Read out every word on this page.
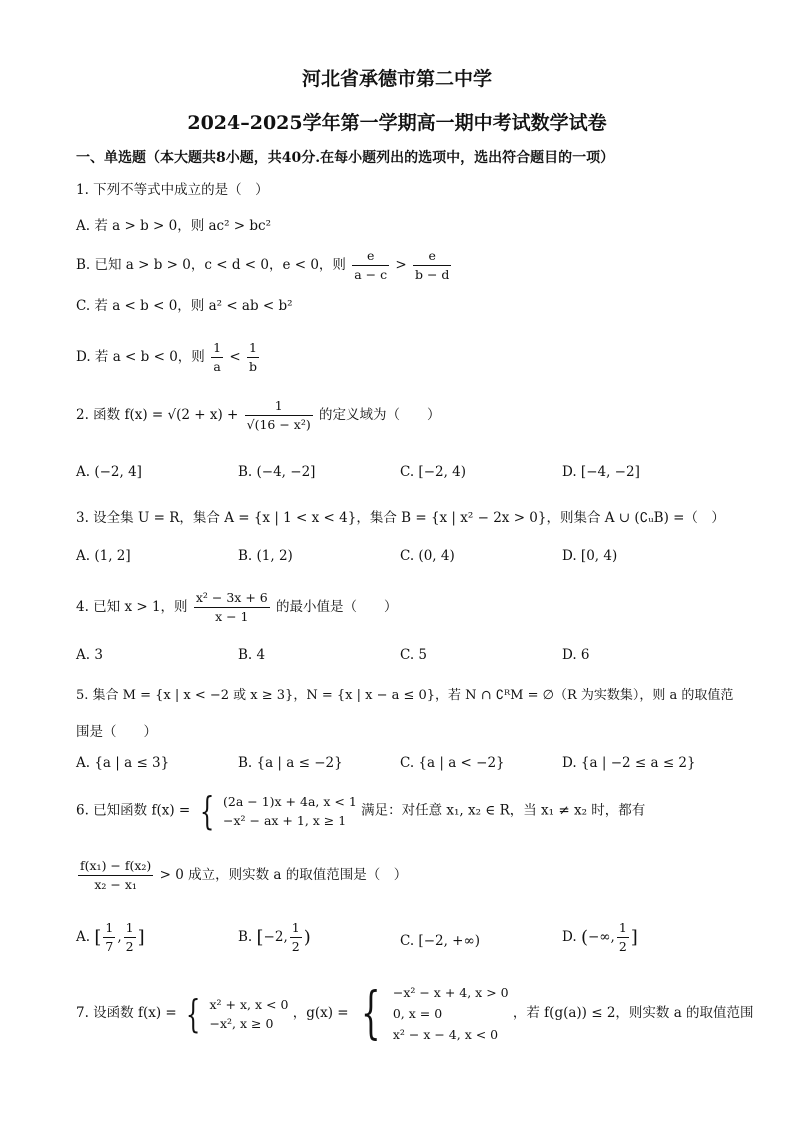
河北省承德市第二中学
2024–2025学年第一学期高一期中考试数学试卷
一、单选题（本大题共8小题，共40分.在每小题列出的选项中，选出符合题目的一项）
1. 下列不等式中成立的是（　）
A. 若 a > b > 0，则 ac² > bc²
B. 已知 a > b > 0，c < d < 0，e < 0，则 $\frac{e}{a - c} > \frac{e}{b - d}$
C. 若 a < b < 0，则 a² < ab < b²
D. 若 a < b < 0，则 $\frac{1}{a} < \frac{1}{b}$
2. 函数 $f(x) = √(2 + x) + \frac{1}{\text{√(16 − x²)}}$ 的定义域为（　　）
A. (−2, 4]	B. (−4, −2]	C. [−2, 4)	D. [−4, −2]
3. 设全集 U = R，集合 A = {x | 1 < x < 4}，集合 B = {x | x² − 2x > 0}，则集合 A ∪ (∁ᵤB) =（　）
A. (1, 2]	B. (1, 2)	C. (0, 4)	D. [0, 4)
4. 已知 x > 1，则 $\frac{\text{x² − 3x + 6}}{x - 1}$ 的最小值是（　　）
A. 3	B. 4	C. 5	D. 6
5. 集合 M = {x | x < −2 或 x ≥ 3}，N = {x | x − a ≤ 0}，若 N ∩ ∁ᴿM = ∅（R 为实数集），则 a 的取值范
围是（　　）
A. {a | a ≤ 3}	B. {a | a ≤ −2}	C. {a | a < −2}	D. {a | −2 ≤ a ≤ 2}
6. 已知函数 f(x) = { (2a − 1)x + 4a, x < 1
−x² − ax + 1, x ≥ 1
满足：对任意 x₁, x₂ ∈ R，当 x₁ ≠ x₂ 时，都有
$\frac{\text{f(x₁) − f(x₂)}}{\text{x₂ − x₁}} > 0$ 成立，则实数 a 的取值范围是（　）
A. [ $\frac{1}{7}$ , $\frac{1}{2}$ ]	B. [−2, $\frac{1}{2}$ )	C. [−2, +∞)	D. (−∞, $\frac{1}{2}$ ]
7. 设函数 f(x) = { x² + x, x < 0
−x², x ≥ 0
，g(x) = { −x² − x + 4, x > 0
0, x = 0
x² − x − 4, x < 0
，若 f(g(a)) ≤ 2，则实数 a 的取值范围
